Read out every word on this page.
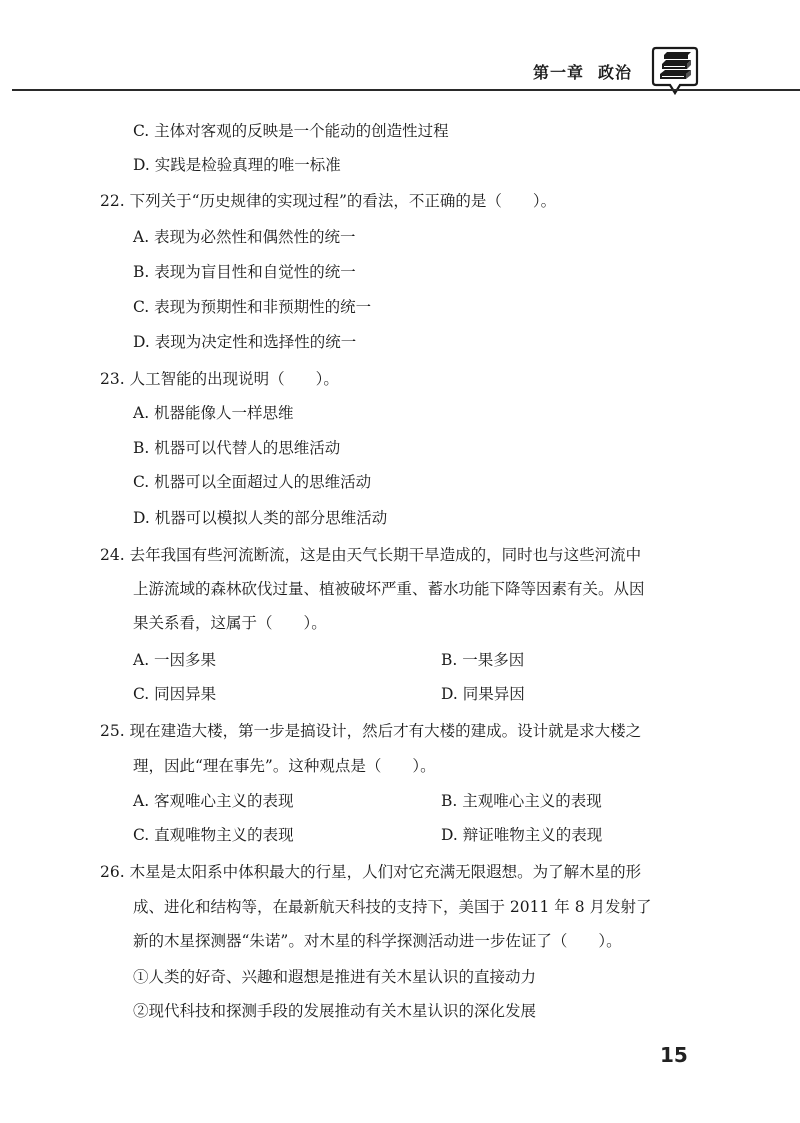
第一章 政治
C. 主体对客观的反映是一个能动的创造性过程
D. 实践是检验真理的唯一标准
22. 下列关于“历史规律的实现过程”的看法，不正确的是（　　）。
A. 表现为必然性和偶然性的统一
B. 表现为盲目性和自觉性的统一
C. 表现为预期性和非预期性的统一
D. 表现为决定性和选择性的统一
23. 人工智能的出现说明（　　）。
A. 机器能像人一样思维
B. 机器可以代替人的思维活动
C. 机器可以全面超过人的思维活动
D. 机器可以模拟人类的部分思维活动
24. 去年我国有些河流断流，这是由天气长期干旱造成的，同时也与这些河流中
上游流域的森林砍伐过量、植被破坏严重、蓄水功能下降等因素有关。从因
果关系看，这属于（　　）。
A. 一因多果	B. 一果多因
C. 同因异果	D. 同果异因
25. 现在建造大楼，第一步是搞设计，然后才有大楼的建成。设计就是求大楼之
理，因此“理在事先”。这种观点是（　　）。
A. 客观唯心主义的表现	B. 主观唯心主义的表现
C. 直观唯物主义的表现	D. 辩证唯物主义的表现
26. 木星是太阳系中体积最大的行星，人们对它充满无限遐想。为了解木星的形
成、进化和结构等，在最新航天科技的支持下，美国于 2011 年 8 月发射了
新的木星探测器“朱诺”。对木星的科学探测活动进一步佐证了（　　）。
①人类的好奇、兴趣和遐想是推进有关木星认识的直接动力
②现代科技和探测手段的发展推动有关木星认识的深化发展
15
